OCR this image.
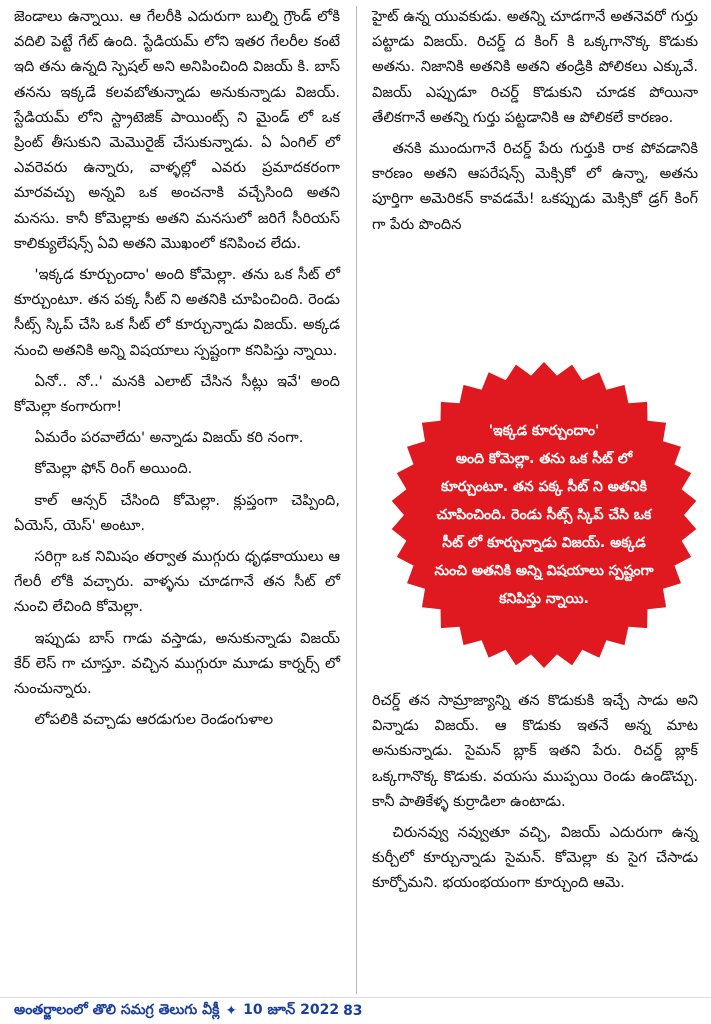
జెండాలు ఉన్నాయి. ఆ గేలరీకి ఎదురుగా బుల్ని గ్రౌండ్ లోకి వదిలి పెట్టే గేట్ ఉంది. స్టేడియమ్ లోని ఇతర గేలరీల కంటే ఇది తను ఉన్నది స్పెషల్ అని అనిపించింది విజయ్ కి. బాస్ తనను ఇక్కడే కలవబోతున్నాడు అనుకున్నాడు విజయ్. స్టేడియమ్ లోని స్ట్రాటెజిక్ పాయింట్స్ ని మైండ్ లో ఒక ప్రింట్ తీసుకుని మెమొరైజ్ చేసుకున్నాడు. ఏ ఏంగిల్ లో ఎవరెవరు ఉన్నారు, వాళ్ళల్లో ఎవరు ప్రమాదకరంగా మారవచ్చు అన్నవి ఒక అంచనాకి వచ్చేసింది అతని మనసు. కానీ కోమెల్లాకు అతని మనసులో జరిగే సీరియస్ కాలిక్యులేషన్స్ ఏవి అతని మొఖంలో కనిపించ లేదు.

'ఇక్కడ కూర్చుందాం' అంది కోమెల్లా. తను ఒక సీట్ లో కూర్చుంటూ. తన పక్క సీట్ ని అతనికి చూపించింది. రెండు సీట్స్ స్కిప్ చేసి ఒక సీట్ లో కూర్చున్నాడు విజయ్. అక్కడ నుంచి అతనికి అన్ని విషయాలు స్పష్టంగా కనిపిస్తు న్నాయి.

ఏనో.. నో..' మనకి ఎలాట్ చేసిన సీట్లు ఇవే' అంది కోమెల్లా కంగారుగా!

ఏమరేం పరవాలేదు' అన్నాడు విజయ్ కరి నంగా.

కోమెల్లా ఫోన్ రింగ్ అయింది.

కాల్ ఆన్సర్ చేసింది కోమెల్లా. క్లుప్తంగా చెప్పింది, ఏయెస్, యెస్' అంటూ.

సరిగ్గా ఒక నిమిషం తర్వాత ముగ్గురు ధృఢకాయులు ఆ గేలరీ లోకి వచ్చారు. వాళ్ళను చూడగానే తన సీట్ లో నుంచి లేచింది కోమెల్లా.

ఇప్పుడు బాస్ గాడు వస్తాడు, అనుకున్నాడు విజయ్ కేర్ లెస్ గా చూస్తూ. వచ్చిన ముగ్గురూ మూడు కార్నర్స్ లో నుంచున్నారు.

లోపలికి వచ్చాడు ఆరడుగుల రెండంగుళాల

హైట్ ఉన్న యువకుడు. అతన్ని చూడగానే అతనెవరో గుర్తు పట్టాడు విజయ్. రిచర్డ్ ద కింగ్ కి ఒక్కగానొక్క కొడుకు అతను. నిజానికి అతనికి అతని తండ్రికి పోలికలు ఎక్కువే. విజయ్ ఎప్పుడూ రిచర్డ్ కొడుకుని చూడక పోయినా తేలికగానే అతన్ని గుర్తు పట్టడానికి ఆ పోలికలే కారణం.

తనకి ముందుగానే రిచర్డ్ పేరు గుర్తుకి రాక పోవడానికి కారణం అతని ఆపరేషన్స్ మెక్సికో లో ఉన్నా, అతను పూర్తిగా అమెరికన్ కావడమే! ఒకప్పుడు మెక్సికో డ్రగ్ కింగ్ గా పేరు పొందిన

'ఇక్కడ కూర్చుందాం'
అంది కోమెల్లా. తను ఒక సీట్ లో కూర్చుంటూ. తన పక్క సీట్ ని అతనికి చూపించింది. రెండు సీట్స్ స్కిప్ చేసి ఒక సీట్ లో కూర్చున్నాడు విజయ్. అక్కడ నుంచి అతనికి అన్ని విషయాలు స్పష్టంగా కనిపిస్తు న్నాయి.

రిచర్డ్ తన సామ్రాజ్యాన్ని తన కొడుకుకి ఇచ్చే సాడు అని విన్నాడు విజయ్. ఆ కొడుకు ఇతనే అన్న మాట అనుకున్నాడు. సైమన్ బ్లాక్ ఇతని పేరు. రిచర్డ్ బ్లాక్ ఒక్కగానొక్క కొడుకు. వయసు ముప్పయి రెండు ఉండొచ్చు. కానీ పాతికేళ్ళ కుర్రాడిలా ఉంటాడు.

చిరునవ్వు నవ్వుతూ వచ్చి, విజయ్ ఎదురుగా ఉన్న కుర్చీలో కూర్చున్నాడు సైమన్. కోమెల్లా కు సైగ చేసాడు కూర్చోమని. భయంభయంగా కూర్చుంది ఆమె.

అంతర్జాలంలో తొలి సమగ్ర తెలుగు వీక్లీ ✦ 10 జూన్ 2022 83
